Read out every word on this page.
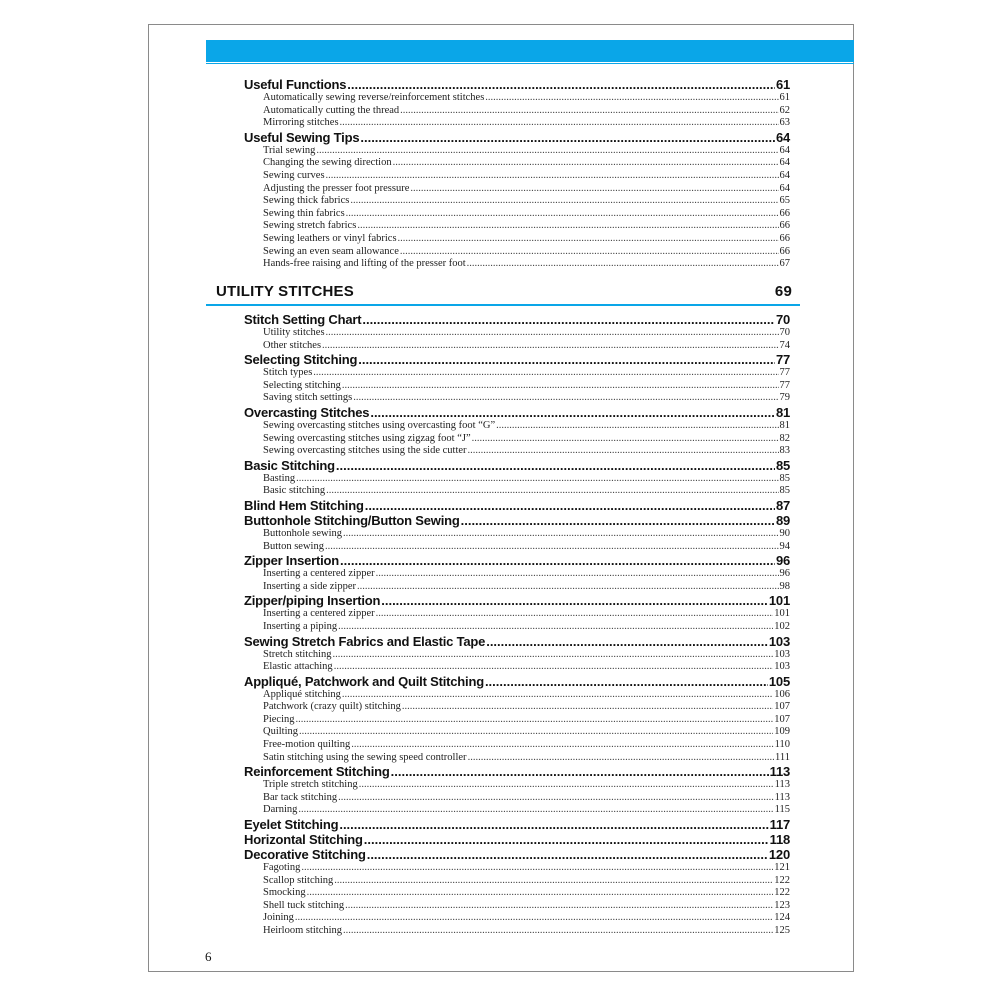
Useful Functions .....	61
Automatically sewing reverse/reinforcement stitches .....	61
Automatically cutting the thread .....	62
Mirroring stitches .....	63
Useful Sewing Tips .....	64
Trial sewing .....	64
Changing the sewing direction .....	64
Sewing curves .....	64
Adjusting the presser foot pressure .....	64
Sewing thick fabrics .....	65
Sewing thin fabrics .....	66
Sewing stretch fabrics .....	66
Sewing leathers or vinyl fabrics .....	66
Sewing an even seam allowance .....	66
Hands-free raising and lifting of the presser foot .....	67
UTILITY STITCHES	69
Stitch Setting Chart .....	70
Utility stitches .....	70
Other stitches .....	74
Selecting Stitching .....	77
Stitch types .....	77
Selecting stitching .....	77
Saving stitch settings .....	79
Overcasting Stitches .....	81
Sewing overcasting stitches using overcasting foot “G” .....	81
Sewing overcasting stitches using zigzag foot “J” .....	82
Sewing overcasting stitches using the side cutter .....	83
Basic Stitching .....	85
Basting .....	85
Basic stitching .....	85
Blind Hem Stitching .....	87
Buttonhole Stitching/Button Sewing .....	89
Buttonhole sewing .....	90
Button sewing .....	94
Zipper Insertion .....	96
Inserting a centered zipper .....	96
Inserting a side zipper .....	98
Zipper/piping Insertion .....	101
Inserting a centered zipper .....	101
Inserting a piping .....	102
Sewing Stretch Fabrics and Elastic Tape .....	103
Stretch stitching .....	103
Elastic attaching .....	103
Appliqué, Patchwork and Quilt Stitching .....	105
Appliqué stitching .....	106
Patchwork (crazy quilt) stitching .....	107
Piecing .....	107
Quilting .....	109
Free-motion quilting .....	110
Satin stitching using the sewing speed controller .....	111
Reinforcement Stitching .....	113
Triple stretch stitching .....	113
Bar tack stitching .....	113
Darning .....	115
Eyelet Stitching .....	117
Horizontal Stitching .....	118
Decorative Stitching .....	120
Fagoting .....	121
Scallop stitching .....	122
Smocking .....	122
Shell tuck stitching .....	123
Joining .....	124
Heirloom stitching .....	125
6
